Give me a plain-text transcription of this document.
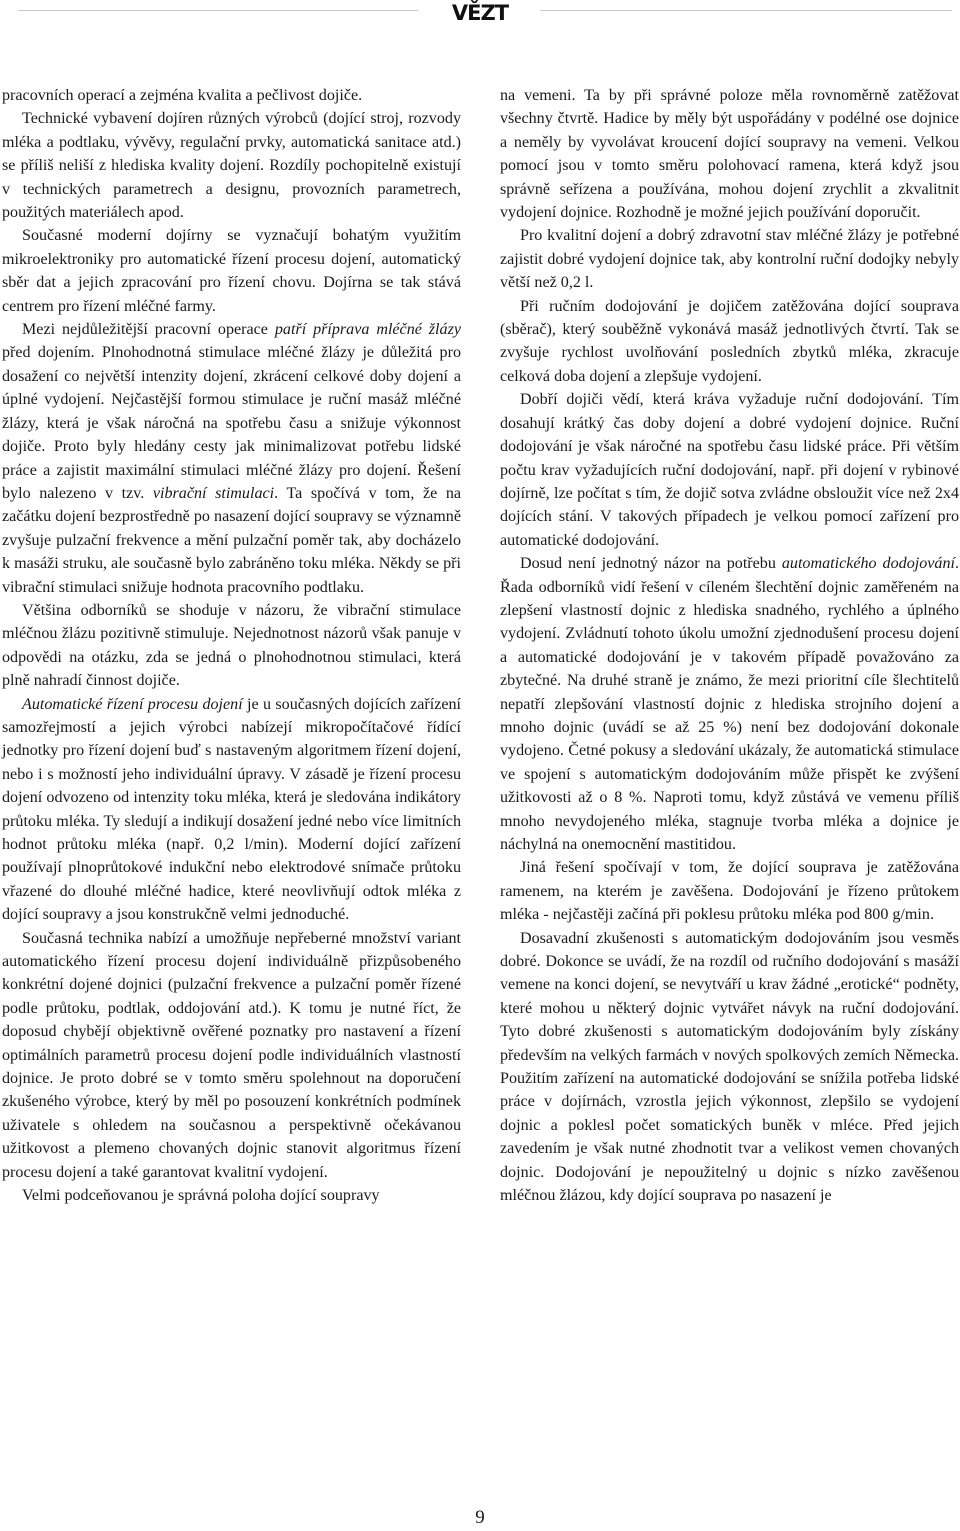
VĚZT

pracovních operací a zejména kvalita a pečlivost dojiče.

Technické vybavení dojíren různých výrobců (dojící stroj, rozvody mléka a podtlaku, vývěvy, regulační prvky, automatická sanitace atd.) se příliš neliší z hlediska kvality dojení. Rozdíly pochopitelně existují v technických parametrech a designu, provozních parametrech, použitých materiálech apod.

Současné moderní dojírny se vyznačují bohatým využitím mikroelektroniky pro automatické řízení procesu dojení, automatický sběr dat a jejich zpracování pro řízení chovu. Dojírna se tak stává centrem pro řízení mléčné farmy.

Mezi nejdůležitější pracovní operace patří příprava mléčné žlázy před dojením. Plnohodnotná stimulace mléčné žlázy je důležitá pro dosažení co největší intenzity dojení, zkrácení celkové doby dojení a úplné vydojení. Nejčastější formou stimulace je ruční masáž mléčné žlázy, která je však náročná na spotřebu času a snižuje výkonnost dojiče. Proto byly hledány cesty jak minimalizovat potřebu lidské práce a zajistit maximální stimulaci mléčné žlázy pro dojení. Řešení bylo nalezeno v tzv. vibrační stimulaci. Ta spočívá v tom, že na začátku dojení bezprostředně po nasazení dojící soupravy se významně zvyšuje pulzační frekvence a mění pulzační poměr tak, aby docházelo k masáži struku, ale současně bylo zabráněno toku mléka. Někdy se při vibrační stimulaci snižuje hodnota pracovního podtlaku.

Většina odborníků se shoduje v názoru, že vibrační stimulace mléčnou žlázu pozitivně stimuluje. Nejednotnost názorů však panuje v odpovědi na otázku, zda se jedná o plnohodnotnou stimulaci, která plně nahradí činnost dojiče.

Automatické řízení procesu dojení je u současných dojících zařízení samozřejmostí a jejich výrobci nabízejí mikropočítačové řídící jednotky pro řízení dojení buď s nastaveným algoritmem řízení dojení, nebo i s možností jeho individuální úpravy. V zásadě je řízení procesu dojení odvozeno od intenzity toku mléka, která je sledována indikátory průtoku mléka. Ty sledují a indikují dosažení jedné nebo více limitních hodnot průtoku mléka (např. 0,2 l/min). Moderní dojící zařízení používají plnoprůtokové indukční nebo elektrodové snímače průtoku vřazené do dlouhé mléčné hadice, které neovlivňují odtok mléka z dojící soupravy a jsou konstrukčně velmi jednoduché.

Současná technika nabízí a umožňuje nepřeberné množství variant automatického řízení procesu dojení individuálně přizpůsobeného konkrétní dojené dojnici (pulzační frekvence a pulzační poměr řízené podle průtoku, podtlak, oddojování atd.). K tomu je nutné říct, že doposud chybějí objektivně ověřené poznatky pro nastavení a řízení optimálních parametrů procesu dojení podle individuálních vlastností dojnice. Je proto dobré se v tomto směru spolehnout na doporučení zkušeného výrobce, který by měl po posouzení konkrétních podmínek uživatele s ohledem na současnou a perspektivně očekávanou užitkovost a plemeno chovaných dojnic stanovit algoritmus řízení procesu dojení a také garantovat kvalitní vydojení.

Velmi podceňovanou je správná poloha dojící soupravy

na vemeni. Ta by při správné poloze měla rovnoměrně zatěžovat všechny čtvrtě. Hadice by měly být uspořádány v podélné ose dojnice a neměly by vyvolávat kroucení dojící soupravy na vemeni. Velkou pomocí jsou v tomto směru polohovací ramena, která když jsou správně seřízena a používána, mohou dojení zrychlit a zkvalitnit vydojení dojnice. Rozhodně je možné jejich používání doporučit.

Pro kvalitní dojení a dobrý zdravotní stav mléčné žlázy je potřebné zajistit dobré vydojení dojnice tak, aby kontrolní ruční dodojky nebyly větší než 0,2 l.

Při ručním dodojování je dojičem zatěžována dojící souprava (sběrač), který souběžně vykonává masáž jednotlivých čtvrtí. Tak se zvyšuje rychlost uvolňování posledních zbytků mléka, zkracuje celková doba dojení a zlepšuje vydojení.

Dobří dojiči vědí, která kráva vyžaduje ruční dodojování. Tím dosahují krátký čas doby dojení a dobré vydojení dojnice. Ruční dodojování je však náročné na spotřebu času lidské práce. Při větším počtu krav vyžadujících ruční dodojování, např. při dojení v rybinové dojírně, lze počítat s tím, že dojič sotva zvládne obsloužit více než 2x4 dojících stání. V takových případech je velkou pomocí zařízení pro automatické dodojování.

Dosud není jednotný názor na potřebu automatického dodojování. Řada odborníků vidí řešení v cíleném šlechtění dojnic zaměřeném na zlepšení vlastností dojnic z hlediska snadného, rychlého a úplného vydojení. Zvládnutí tohoto úkolu umožní zjednodušení procesu dojení a automatické dodojování je v takovém případě považováno za zbytečné. Na druhé straně je známo, že mezi prioritní cíle šlechtitelů nepatří zlepšování vlastností dojnic z hlediska strojního dojení a mnoho dojnic (uvádí se až 25 %) není bez dodojování dokonale vydojeno. Četné pokusy a sledování ukázaly, že automatická stimulace ve spojení s automatickým dodojováním může přispět ke zvýšení užitkovosti až o 8 %. Naproti tomu, když zůstává ve vemenu příliš mnoho nevydojeného mléka, stagnuje tvorba mléka a dojnice je náchylná na onemocnění mastitidou.

Jiná řešení spočívají v tom, že dojící souprava je zatěžována ramenem, na kterém je zavěšena. Dodojování je řízeno průtokem mléka - nejčastěji začíná při poklesu průtoku mléka pod 800 g/min.

Dosavadní zkušenosti s automatickým dodojováním jsou vesměs dobré. Dokonce se uvádí, že na rozdíl od ručního dodojování s masáží vemene na konci dojení, se nevytváří u krav žádné „erotické“ podněty, které mohou u některý dojnic vytvářet návyk na ruční dodojování. Tyto dobré zkušenosti s automatickým dodojováním byly získány především na velkých farmách v nových spolkových zemích Německa. Použitím zařízení na automatické dodojování se snížila potřeba lidské práce v dojírnách, vzrostla jejich výkonnost, zlepšilo se vydojení dojnic a poklesl počet somatických buněk v mléce. Před jejich zavedením je však nutné zhodnotit tvar a velikost vemen chovaných dojnic. Dodojování je nepoužitelný u dojnic s nízko zavěšenou mléčnou žlázou, kdy dojící souprava po nasazení je

9
